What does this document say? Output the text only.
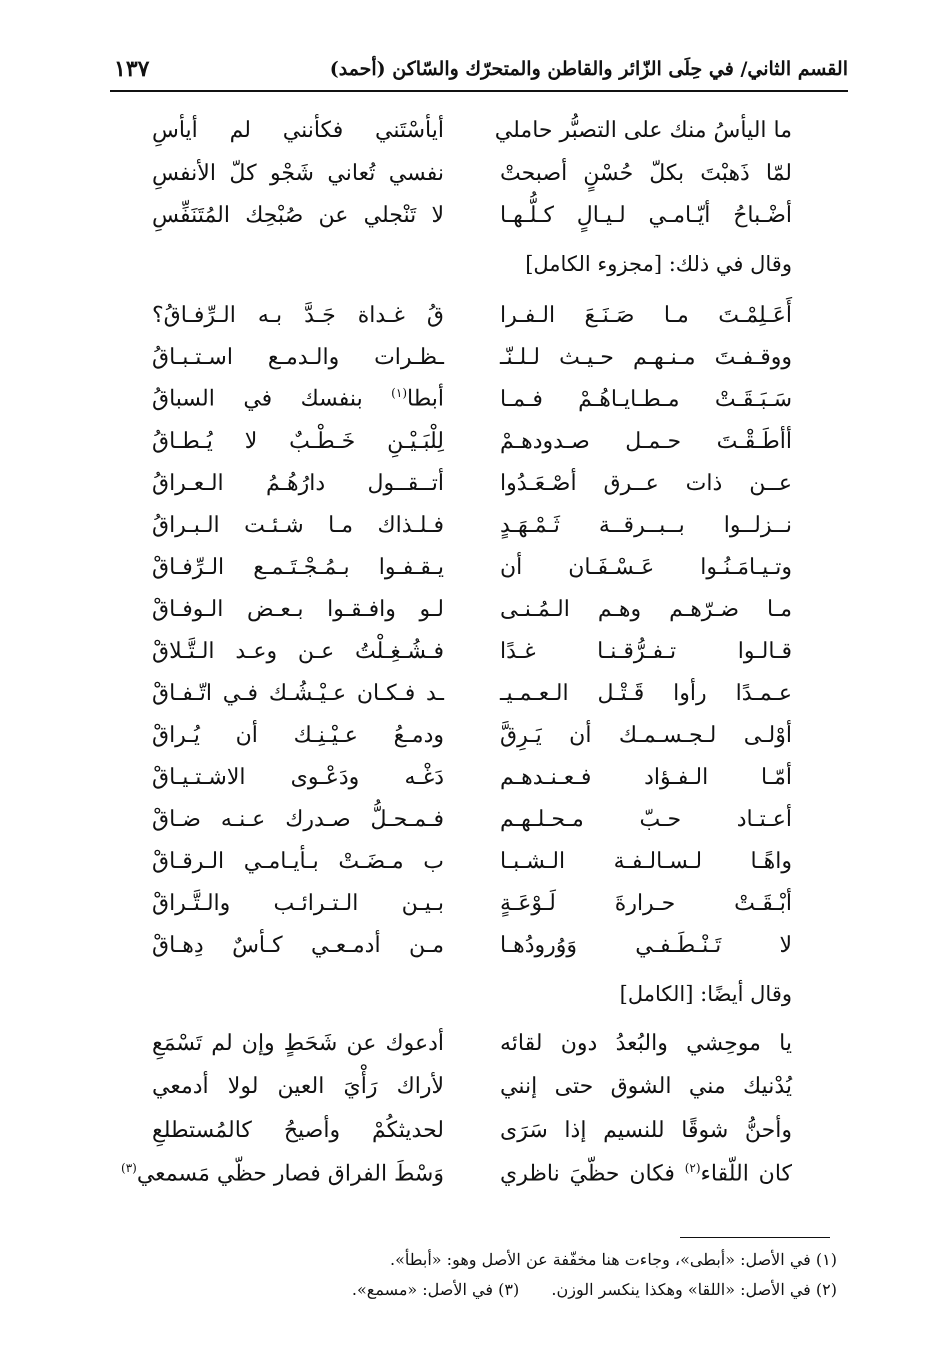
القسم الثاني/ في حِلَى الزّائر والقاطن والمتحرّك والسّاكن (أحمد)
١٣٧
ما اليأسُ منك على التصبُّر حاملي
أيأسْتَني فكأنني لم أيأسِ
لمّا ذَهبْتَ بكلّ حُسْنٍ أصبحتْ
نفسي تُعاني شَجْو كلّ الأنفسِ
أضْـباحُ أيّـامـي لـيـالٍ كـلُّـهـا
لا تَنْجلي عن صُبْحِك المُتَنَفِّسِ
وقال في ذلك: [مجزوء الكامل]
أَعَـلِمْـتَ مـا صَـنَـعَ الـفـرا
قُ غـداة جَـدَّ بـه الـرِّفـاقُ؟
ووقـفـتَ مـنـهـم حـيـث لـلـنّـ
ـظـرات والـدمـع اسـتـبـاقُ
سَـبَـقَـتْ مـطـايـاهُـمْ فـمـا
أبطا$^{(١)}$ بنفسك في السباقُ
أأطَـقْـتَ حـمـل صـدودهـمْ
لِلْبَـيْـنِ خَـطْـبٌ لا يُـطـاقُ
عــن ذات عــرق أصْـعَـدُوا
أتــقــول دارُهُـمُ الـعـراقُ
نــزلــوا بــبــرقــة ثَـمْـهَـدٍ
فـلـذاك مـا شـئـت الـبـراقُ
وتـيـامَـنُـوا عَـسْـفَـان أن
يـقـفـوا بـمُـجْـتَـمـع الـرِّفـاقْ
مـا ضـرّهـم وهـم الـمُـنـى
لـو وافـقـوا بـعـض الـوفـاقْ
قـالـوا تـفـرُّقـنـا غـدًا
فـشُـغِـلْتُ عـن وعـد الـتَّـلاقْ
عـمـدًا رأوا قَـتْـل الـعـمـيـ
ـد فـكـان عـيْـشُـك فـي اتّـفـاقْ
أوْلـى لـجـسـمـك أن يَـرِقَّ
ودمـعُ عـيْـنِـك أن يُـراقْ
أمّـا الـفـؤاد فـعـنـدهـم
دَغْـه ودَعْـوى الاشـتـيـاقْ
أعـتـاد حـبّ مـحـلـهـم
فـمـحـلُّ صـدرك عـنـه ضـاقْ
واهًـا لـسـالـفـة الـشـبـا
ب مـضَـتْ بـأيـامـي الـرقـاقْ
أبْـقَـتْ حـرارةَ لَـوْعَـةٍ
بـيـن الـتـرائـب والـتَّـراقْ
لا تَـنْـطَـفـي وَوُرودُهـا
مـن أدمـعـي كـأسٌ دِهـاقْ
وقال أيضًا: [الكامل]
يا موحِشي والبُعدُ دون لقائه
أدعوك عن شَحَطٍ وإن لم تَسْمَعِ
يُدْنيك مني الشوق حتى إنني
لأراك رَأْيَ العين لولا أدمعي
وأحنُّ شوقًا للنسيم إذا سَرَى
لحديثكُمْ وأصيحُ كالمُستطلعِ
كان اللّقاء$^{(٢)}$ فكان حظّيَ ناظري
وَسْطَ الفراق فصار حظّي مَسمعي$^{(٣)}$
(١) في الأصل: «أبطى»، وجاءت هنا مخفّفة عن الأصل وهو: «أبطأ».
(٢) في الأصل: «اللقا» وهكذا ينكسر الوزن.  (٣) في الأصل: «مسمع».
